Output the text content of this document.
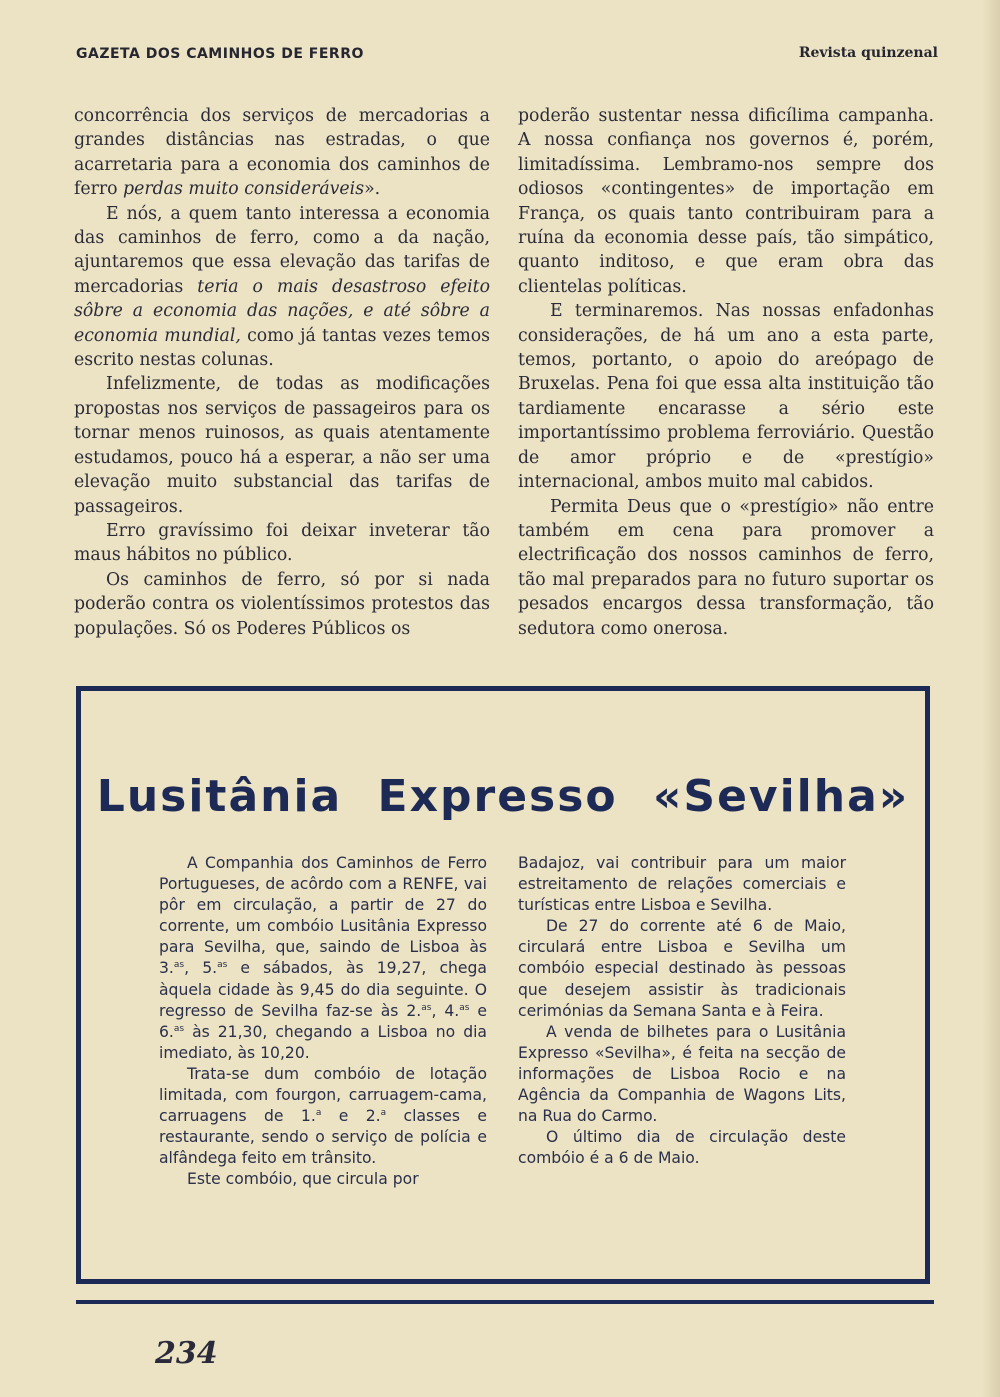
GAZETA DOS CAMINHOS DE FERRO	Revista quinzenal

concorrência dos serviços de mercadorias a grandes distâncias nas estradas, o que acarretaria para a economia dos caminhos de ferro perdas muito consideráveis».

E nós, a quem tanto interessa a economia das caminhos de ferro, como a da nação, ajuntaremos que essa elevação das tarifas de mercadorias teria o mais desastroso efeito sôbre a economia das nações, e até sôbre a economia mundial, como já tantas vezes temos escrito nestas colunas.

Infelizmente, de todas as modificações propostas nos serviços de passageiros para os tornar menos ruinosos, as quais atentamente estudamos, pouco há a esperar, a não ser uma elevação muito substancial das tarifas de passageiros.

Erro gravíssimo foi deixar inveterar tão maus hábitos no público.

Os caminhos de ferro, só por si nada poderão contra os violentíssimos protestos das populações. Só os Poderes Públicos os

poderão sustentar nessa dificílima campanha. A nossa confiança nos governos é, porém, limitadíssima. Lembramo-nos sempre dos odiosos «contingentes» de importação em França, os quais tanto contribuiram para a ruína da economia desse país, tão simpático, quanto inditoso, e que eram obra das clientelas políticas.

E terminaremos. Nas nossas enfadonhas considerações, de há um ano a esta parte, temos, portanto, o apoio do areópago de Bruxelas. Pena foi que essa alta instituição tão tardiamente encarasse a sério este importantíssimo problema ferroviário. Questão de amor próprio e de «prestígio» internacional, ambos muito mal cabidos.

Permita Deus que o «prestígio» não entre também em cena para promover a electrificação dos nossos caminhos de ferro, tão mal preparados para no futuro suportar os pesados encargos dessa transformação, tão sedutora como onerosa.

Lusitânia Expresso «Sevilha»

A Companhia dos Caminhos de Ferro Portugueses, de acôrdo com a RENFE, vai pôr em circulação, a partir de 27 do corrente, um combóio Lusitânia Expresso para Sevilha, que, saindo de Lisboa às 3.$^{as}$, 5.$^{as}$ e sábados, às 19,27, chega àquela cidade às 9,45 do dia seguinte. O regresso de Sevilha faz-se às 2.$^{as}$, 4.$^{as}$ e 6.$^{as}$ às 21,30, chegando a Lisboa no dia imediato, às 10,20.

Trata-se dum combóio de lotação limitada, com fourgon, carruagem-cama, carruagens de 1.$^a$ e 2.$^a$ classes e restaurante, sendo o serviço de polícia e alfândega feito em trânsito.

Este combóio, que circula por

Badajoz, vai contribuir para um maior estreitamento de relações comerciais e turísticas entre Lisboa e Sevilha.

De 27 do corrente até 6 de Maio, circulará entre Lisboa e Sevilha um combóio especial destinado às pessoas que desejem assistir às tradicionais cerimónias da Semana Santa e à Feira.

A venda de bilhetes para o Lusitânia Expresso «Sevilha», é feita na secção de informações de Lisboa Rocio e na Agência da Companhia de Wagons Lits, na Rua do Carmo.

O último dia de circulação deste combóio é a 6 de Maio.

234
